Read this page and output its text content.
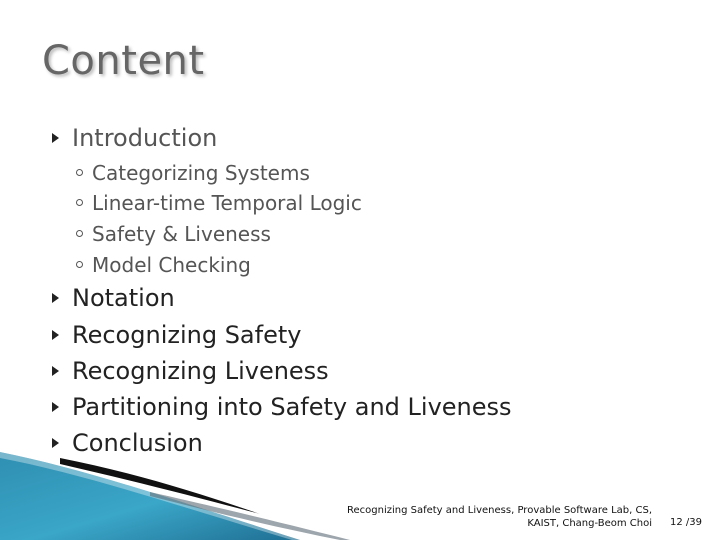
Content
Introduction
Categorizing Systems
Linear-time Temporal Logic
Safety & Liveness
Model Checking
Notation
Recognizing Safety
Recognizing Liveness
Partitioning into Safety and Liveness
Conclusion
Recognizing Safety and Liveness, Provable Software Lab, CS,
KAIST, Chang-Beom Choi 12 /39
